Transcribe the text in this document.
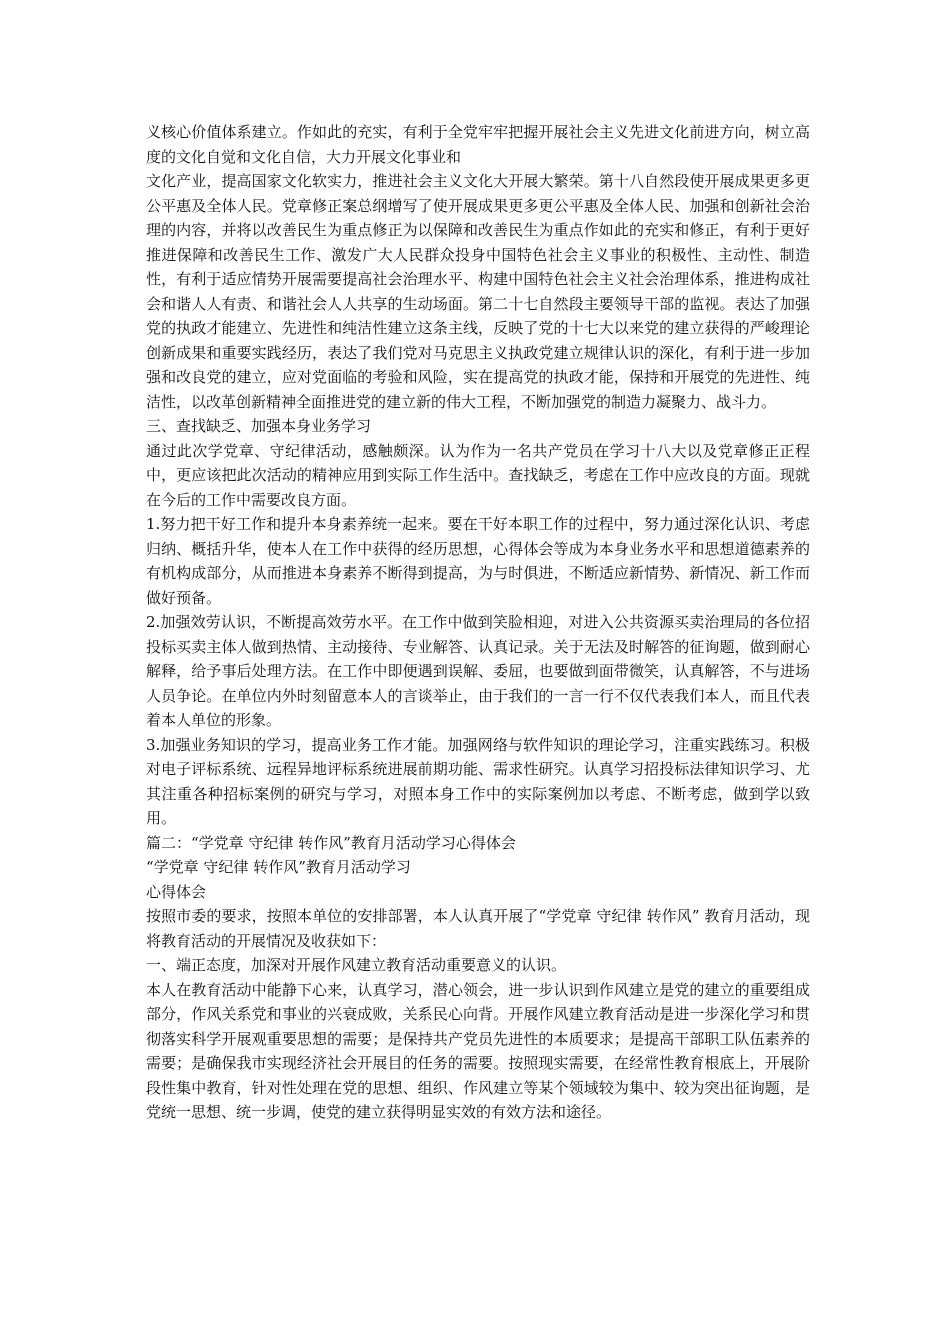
义核心价值体系建立。作如此的充实，有利于全党牢牢把握开展社会主义先进文化前进方向，树立高度的文化自觉和文化自信，大力开展文化事业和

文化产业，提高国家文化软实力，推进社会主义文化大开展大繁荣。第十八自然段使开展成果更多更公平惠及全体人民。党章修正案总纲增写了使开展成果更多更公平惠及全体人民、加强和创新社会治理的内容，并将以改善民生为重点修正为以保障和改善民生为重点作如此的充实和修正，有利于更好推进保障和改善民生工作、激发广大人民群众投身中国特色社会主义事业的积极性、主动性、制造性，有利于适应情势开展需要提高社会治理水平、构建中国特色社会主义社会治理体系，推进构成社会和谐人人有责、和谐社会人人共享的生动场面。第二十七自然段主要领导干部的监视。表达了加强党的执政才能建立、先进性和纯洁性建立这条主线，反映了党的十七大以来党的建立获得的严峻理论创新成果和重要实践经历，表达了我们党对马克思主义执政党建立规律认识的深化，有利于进一步加强和改良党的建立，应对党面临的考验和风险，实在提高党的执政才能，保持和开展党的先进性、纯洁性，以改革创新精神全面推进党的建立新的伟大工程，不断加强党的制造力凝聚力、战斗力。

三、查找缺乏、加强本身业务学习

通过此次学党章、守纪律活动，感触颇深。认为作为一名共产党员在学习十八大以及党章修正正程中，更应该把此次活动的精神应用到实际工作生活中。查找缺乏，考虑在工作中应改良的方面。现就在今后的工作中需要改良方面。

1.努力把干好工作和提升本身素养统一起来。要在干好本职工作的过程中，努力通过深化认识、考虑归纳、概括升华，使本人在工作中获得的经历思想，心得体会等成为本身业务水平和思想道德素养的有机构成部分，从而推进本身素养不断得到提高，为与时俱进，不断适应新情势、新情况、新工作而做好预备。

2.加强效劳认识，不断提高效劳水平。在工作中做到笑脸相迎，对进入公共资源买卖治理局的各位招投标买卖主体人做到热情、主动接待、专业解答、认真记录。关于无法及时解答的征询题，做到耐心解释，给予事后处理方法。在工作中即便遇到误解、委屈，也要做到面带微笑，认真解答，不与进场人员争论。在单位内外时刻留意本人的言谈举止，由于我们的一言一行不仅代表我们本人，而且代表着本人单位的形象。

3.加强业务知识的学习，提高业务工作才能。加强网络与软件知识的理论学习，注重实践练习。积极对电子评标系统、远程异地评标系统进展前期功能、需求性研究。认真学习招投标法律知识学习、尤其注重各种招标案例的研究与学习，对照本身工作中的实际案例加以考虑、不断考虑，做到学以致用。

篇二：“学党章 守纪律 转作风”教育月活动学习心得体会

“学党章 守纪律 转作风”教育月活动学习

心得体会

按照市委的要求，按照本单位的安排部署，本人认真开展了“学党章 守纪律 转作风” 教育月活动，现将教育活动的开展情况及收获如下：

一、端正态度，加深对开展作风建立教育活动重要意义的认识。

本人在教育活动中能静下心来，认真学习，潜心领会，进一步认识到作风建立是党的建立的重要组成部分，作风关系党和事业的兴衰成败，关系民心向背。开展作风建立教育活动是进一步深化学习和贯彻落实科学开展观重要思想的需要；是保持共产党员先进性的本质要求；是提高干部职工队伍素养的需要；是确保我市实现经济社会开展目的任务的需要。按照现实需要，在经常性教育根底上，开展阶段性集中教育，针对性处理在党的思想、组织、作风建立等某个领域较为集中、较为突出征询题，是党统一思想、统一步调，使党的建立获得明显实效的有效方法和途径。
